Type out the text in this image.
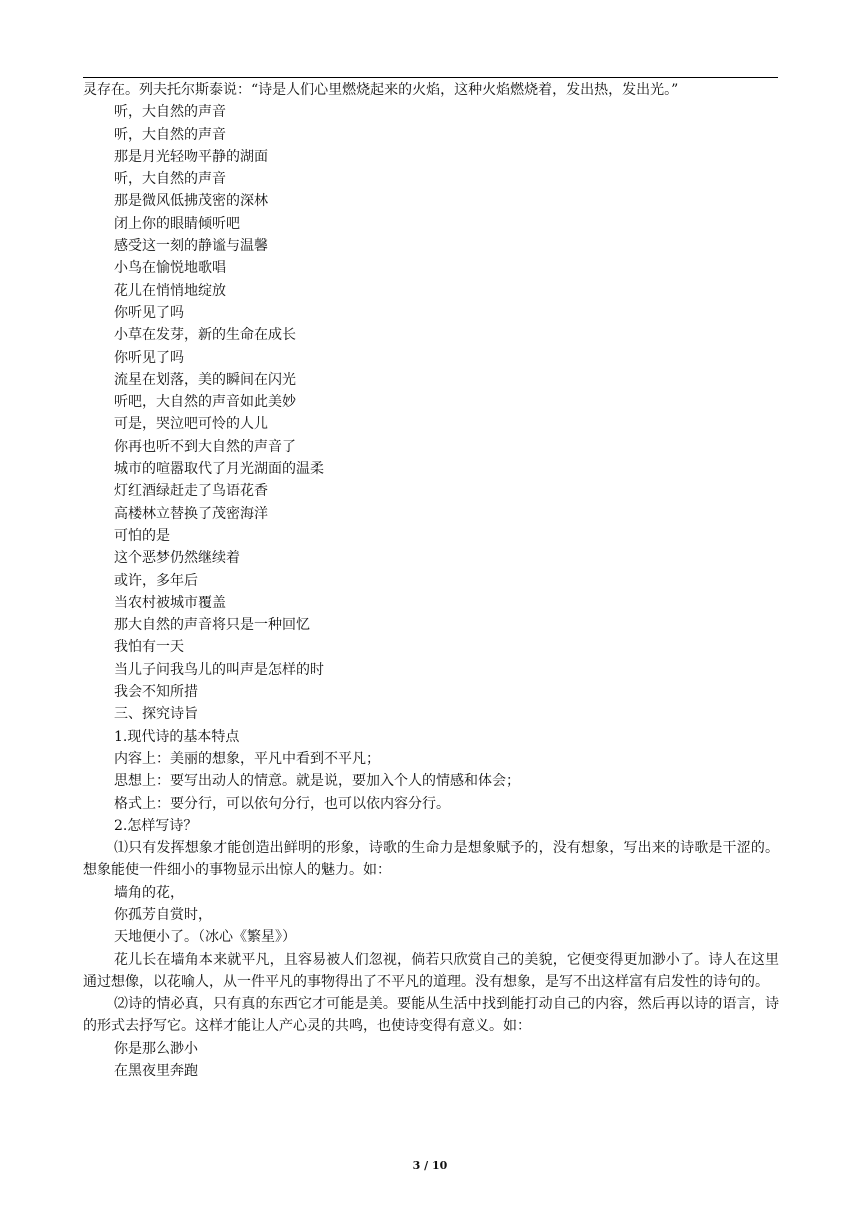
灵存在。列夫托尔斯泰说：“诗是人们心里燃烧起来的火焰，这种火焰燃烧着，发出热，发出光。”
听，大自然的声音
听，大自然的声音
那是月光轻吻平静的湖面
听，大自然的声音
那是微风低拂茂密的深林
闭上你的眼睛倾听吧
感受这一刻的静谧与温馨
小鸟在愉悦地歌唱
花儿在悄悄地绽放
你听见了吗
小草在发芽，新的生命在成长
你听见了吗
流星在划落，美的瞬间在闪光
听吧，大自然的声音如此美妙
可是，哭泣吧可怜的人儿
你再也听不到大自然的声音了
城市的喧嚣取代了月光湖面的温柔
灯红酒绿赶走了鸟语花香
高楼林立替换了茂密海洋
可怕的是
这个恶梦仍然继续着
或许，多年后
当农村被城市覆盖
那大自然的声音将只是一种回忆
我怕有一天
当儿子问我鸟儿的叫声是怎样的时
我会不知所措
三、探究诗旨
1.现代诗的基本特点
内容上：美丽的想象，平凡中看到不平凡；
思想上：要写出动人的情意。就是说，要加入个人的情感和体会；
格式上：要分行，可以依句分行，也可以依内容分行。
2.怎样写诗？
⑴只有发挥想象才能创造出鲜明的形象，诗歌的生命力是想象赋予的，没有想象，写出来的诗歌是干涩的。想象能使一件细小的事物显示出惊人的魅力。如：
墙角的花，
你孤芳自赏时，
天地便小了。（冰心《繁星》）
花儿长在墙角本来就平凡，且容易被人们忽视，倘若只欣赏自己的美貌，它便变得更加渺小了。诗人在这里通过想像，以花喻人，从一件平凡的事物得出了不平凡的道理。没有想象，是写不出这样富有启发性的诗句的。
⑵诗的情必真，只有真的东西它才可能是美。要能从生活中找到能打动自己的内容，然后再以诗的语言，诗的形式去抒写它。这样才能让人产心灵的共鸣，也使诗变得有意义。如：
你是那么渺小
在黑夜里奔跑
3 / 10
